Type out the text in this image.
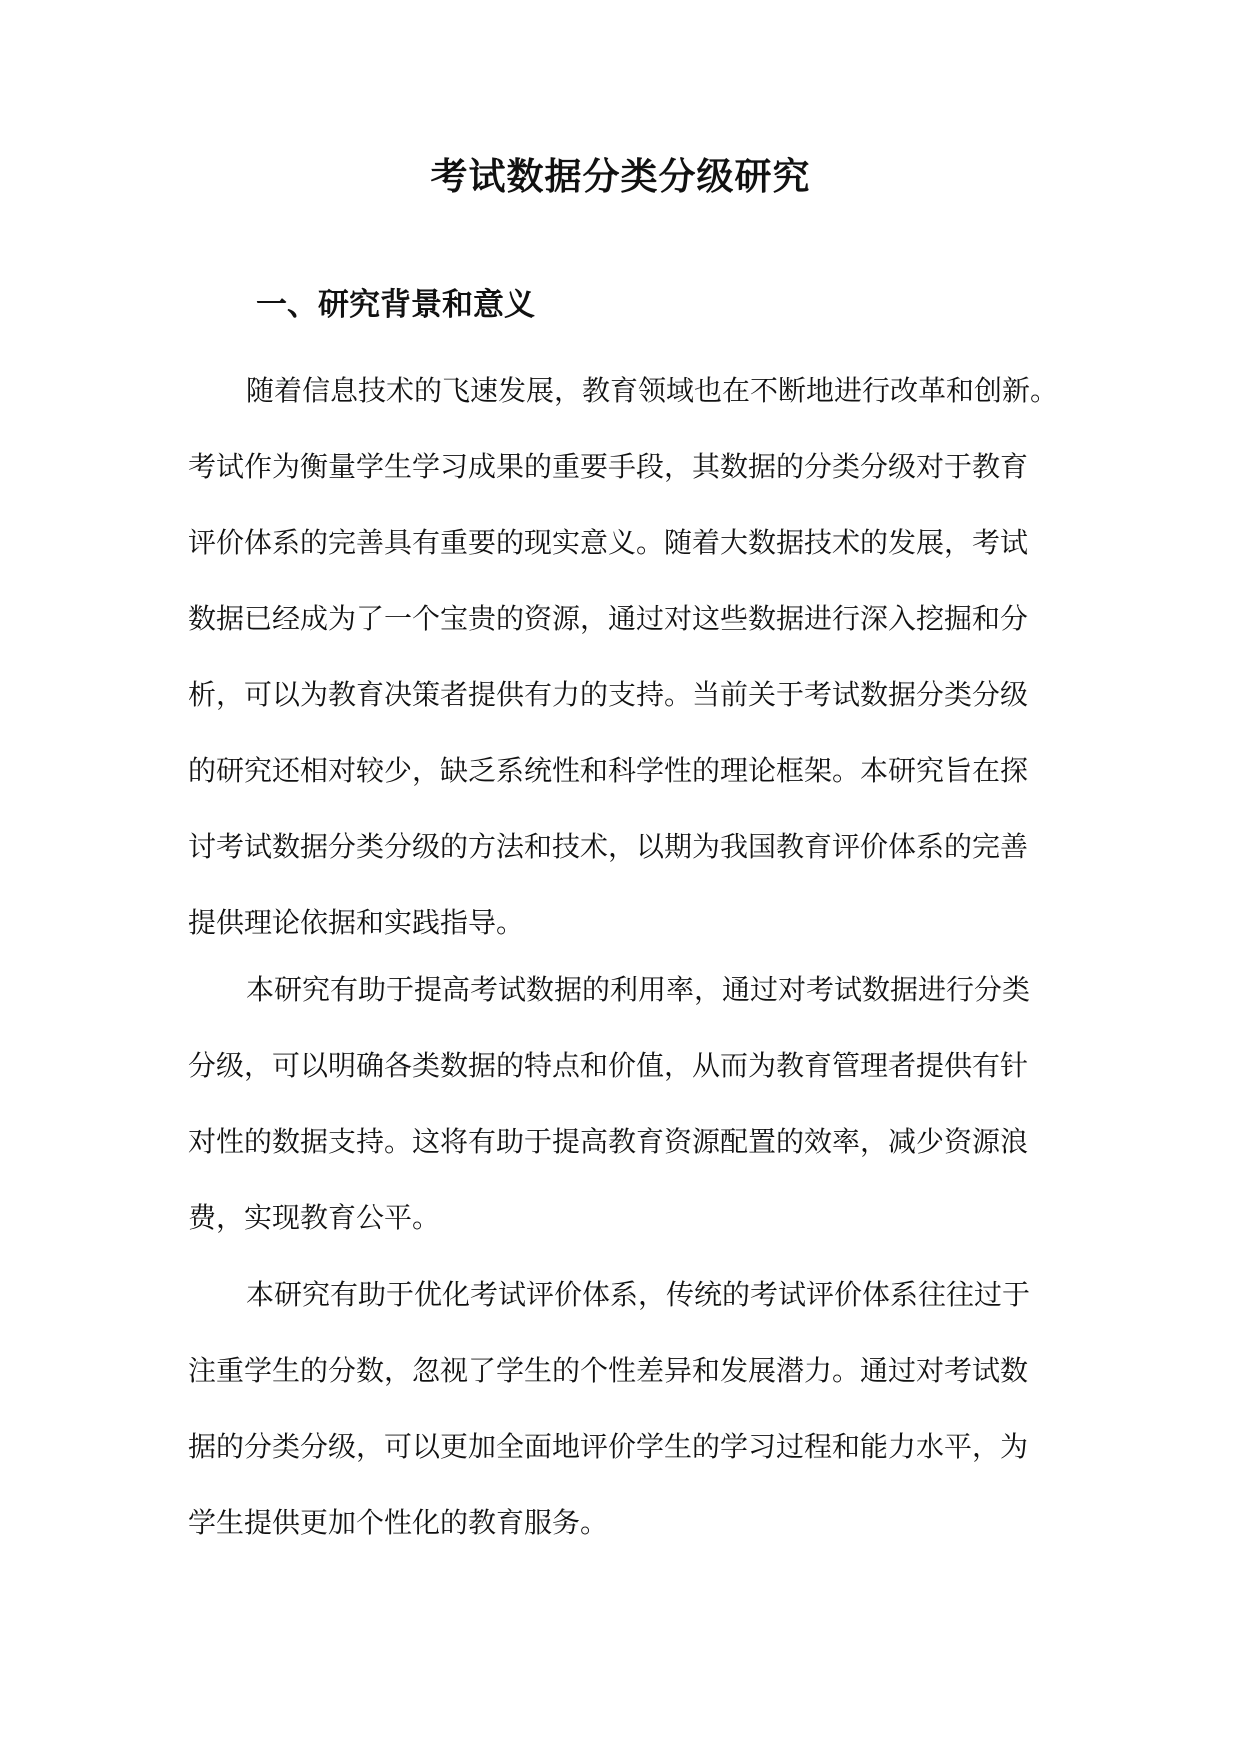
考试数据分类分级研究
一、研究背景和意义
随着信息技术的飞速发展，教育领域也在不断地进行改革和创新。
考试作为衡量学生学习成果的重要手段，其数据的分类分级对于教育
评价体系的完善具有重要的现实意义。随着大数据技术的发展，考试
数据已经成为了一个宝贵的资源，通过对这些数据进行深入挖掘和分
析，可以为教育决策者提供有力的支持。当前关于考试数据分类分级
的研究还相对较少，缺乏系统性和科学性的理论框架。本研究旨在探
讨考试数据分类分级的方法和技术，以期为我国教育评价体系的完善
提供理论依据和实践指导。
本研究有助于提高考试数据的利用率，通过对考试数据进行分类
分级，可以明确各类数据的特点和价值，从而为教育管理者提供有针
对性的数据支持。这将有助于提高教育资源配置的效率，减少资源浪
费，实现教育公平。
本研究有助于优化考试评价体系，传统的考试评价体系往往过于
注重学生的分数，忽视了学生的个性差异和发展潜力。通过对考试数
据的分类分级，可以更加全面地评价学生的学习过程和能力水平，为
学生提供更加个性化的教育服务。
